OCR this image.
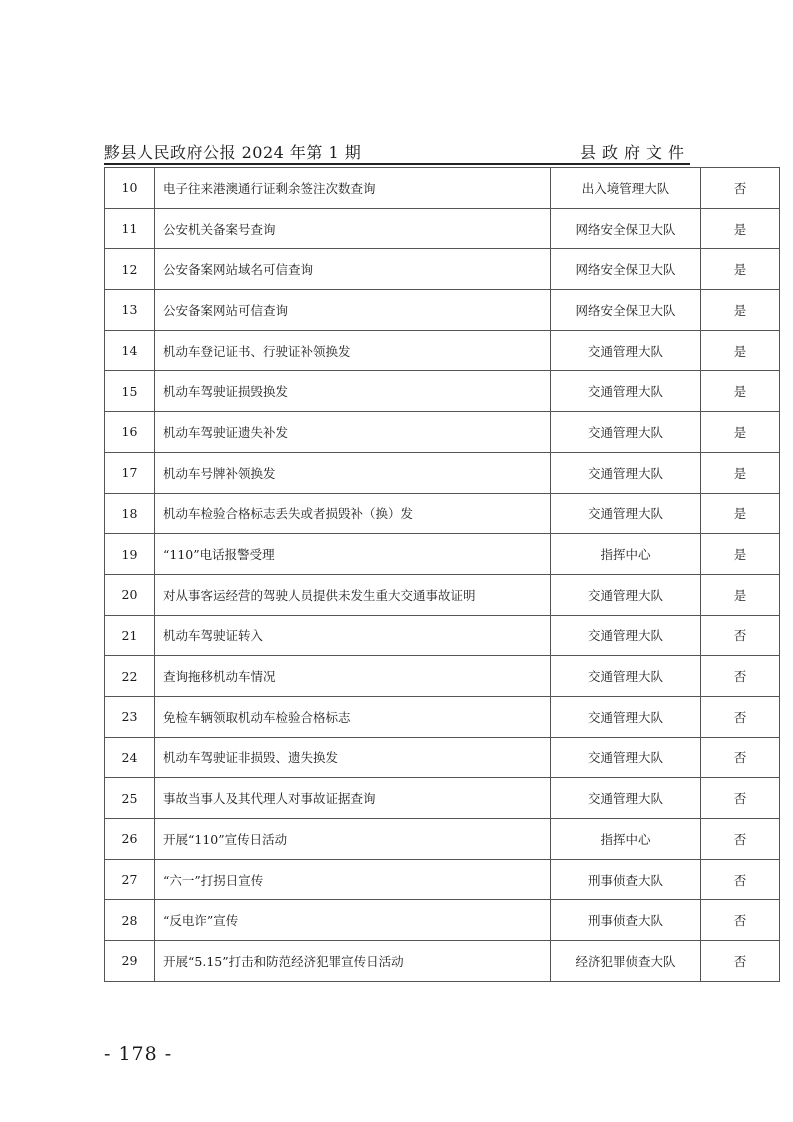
黟县人民政府公报 2024 年第 1 期	县政府文件
10	电子往来港澳通行证剩余签注次数查询	出入境管理大队	否
11	公安机关备案号查询	网络安全保卫大队	是
12	公安备案网站域名可信查询	网络安全保卫大队	是
13	公安备案网站可信查询	网络安全保卫大队	是
14	机动车登记证书、行驶证补领换发	交通管理大队	是
15	机动车驾驶证损毁换发	交通管理大队	是
16	机动车驾驶证遗失补发	交通管理大队	是
17	机动车号牌补领换发	交通管理大队	是
18	机动车检验合格标志丢失或者损毁补（换）发	交通管理大队	是
19	“110”电话报警受理	指挥中心	是
20	对从事客运经营的驾驶人员提供未发生重大交通事故证明	交通管理大队	是
21	机动车驾驶证转入	交通管理大队	否
22	查询拖移机动车情况	交通管理大队	否
23	免检车辆领取机动车检验合格标志	交通管理大队	否
24	机动车驾驶证非损毁、遗失换发	交通管理大队	否
25	事故当事人及其代理人对事故证据查询	交通管理大队	否
26	开展“110”宣传日活动	指挥中心	否
27	“六一”打拐日宣传	刑事侦查大队	否
28	“反电诈”宣传	刑事侦查大队	否
29	开展“5.15”打击和防范经济犯罪宣传日活动	经济犯罪侦查大队	否
- 178 -
